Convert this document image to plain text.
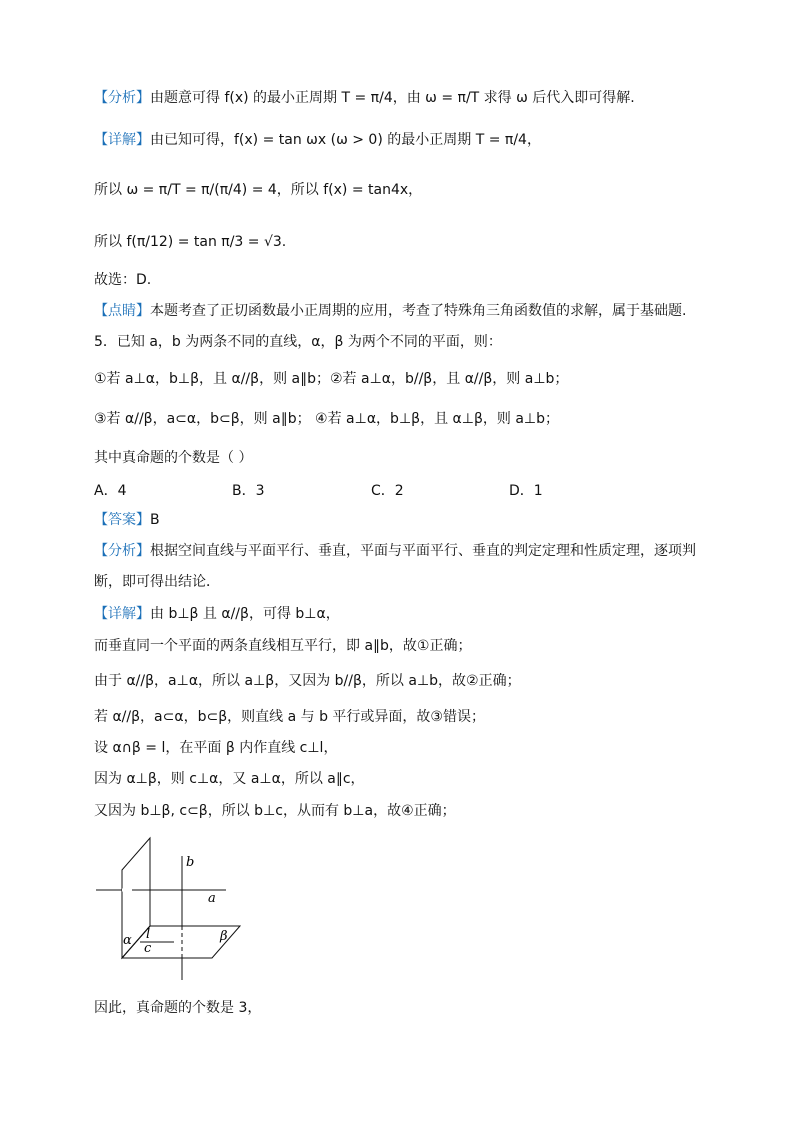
【分析】由题意可得 f(x) 的最小正周期 T = π/4，由 ω = π/T 求得 ω 后代入即可得解.
【详解】由已知可得，f(x) = tan ωx (ω > 0) 的最小正周期 T = π/4，
所以 ω = π/T = π/(π/4) = 4，所以 f(x) = tan4x，
所以 f(π/12) = tan π/3 = √3.
故选：D.
【点睛】本题考查了正切函数最小正周期的应用，考查了特殊角三角函数值的求解，属于基础题.
5．已知 a，b 为两条不同的直线，α，β 为两个不同的平面，则：
①若 a⊥α，b⊥β，且 α//β，则 a∥b；②若 a⊥α，b//β，且 α//β，则 a⊥b；
③若 α//β，a⊂α，b⊂β，则 a∥b； ④若 a⊥α，b⊥β，且 α⊥β，则 a⊥b；
其中真命题的个数是（ ）
A．4	B．3	C．2	D．1
【答案】B
【分析】根据空间直线与平面平行、垂直，平面与平面平行、垂直的判定定理和性质定理，逐项判
断，即可得出结论．
【详解】由 b⊥β 且 α//β，可得 b⊥α，
而垂直同一个平面的两条直线相互平行，即 a∥b，故①正确；
由于 α//β，a⊥α，所以 a⊥β，又因为 b//β，所以 a⊥b，故②正确；
若 α//β，a⊂α，b⊂β，则直线 a 与 b 平行或异面，故③错误；
设 α∩β = l，在平面 β 内作直线 c⊥l，
因为 α⊥β，则 c⊥α，又 a⊥α，所以 a∥c，
又因为 b⊥β, c⊂β，所以 b⊥c，从而有 b⊥a，故④正确；
b
a
α l
c
β
因此，真命题的个数是 3，
